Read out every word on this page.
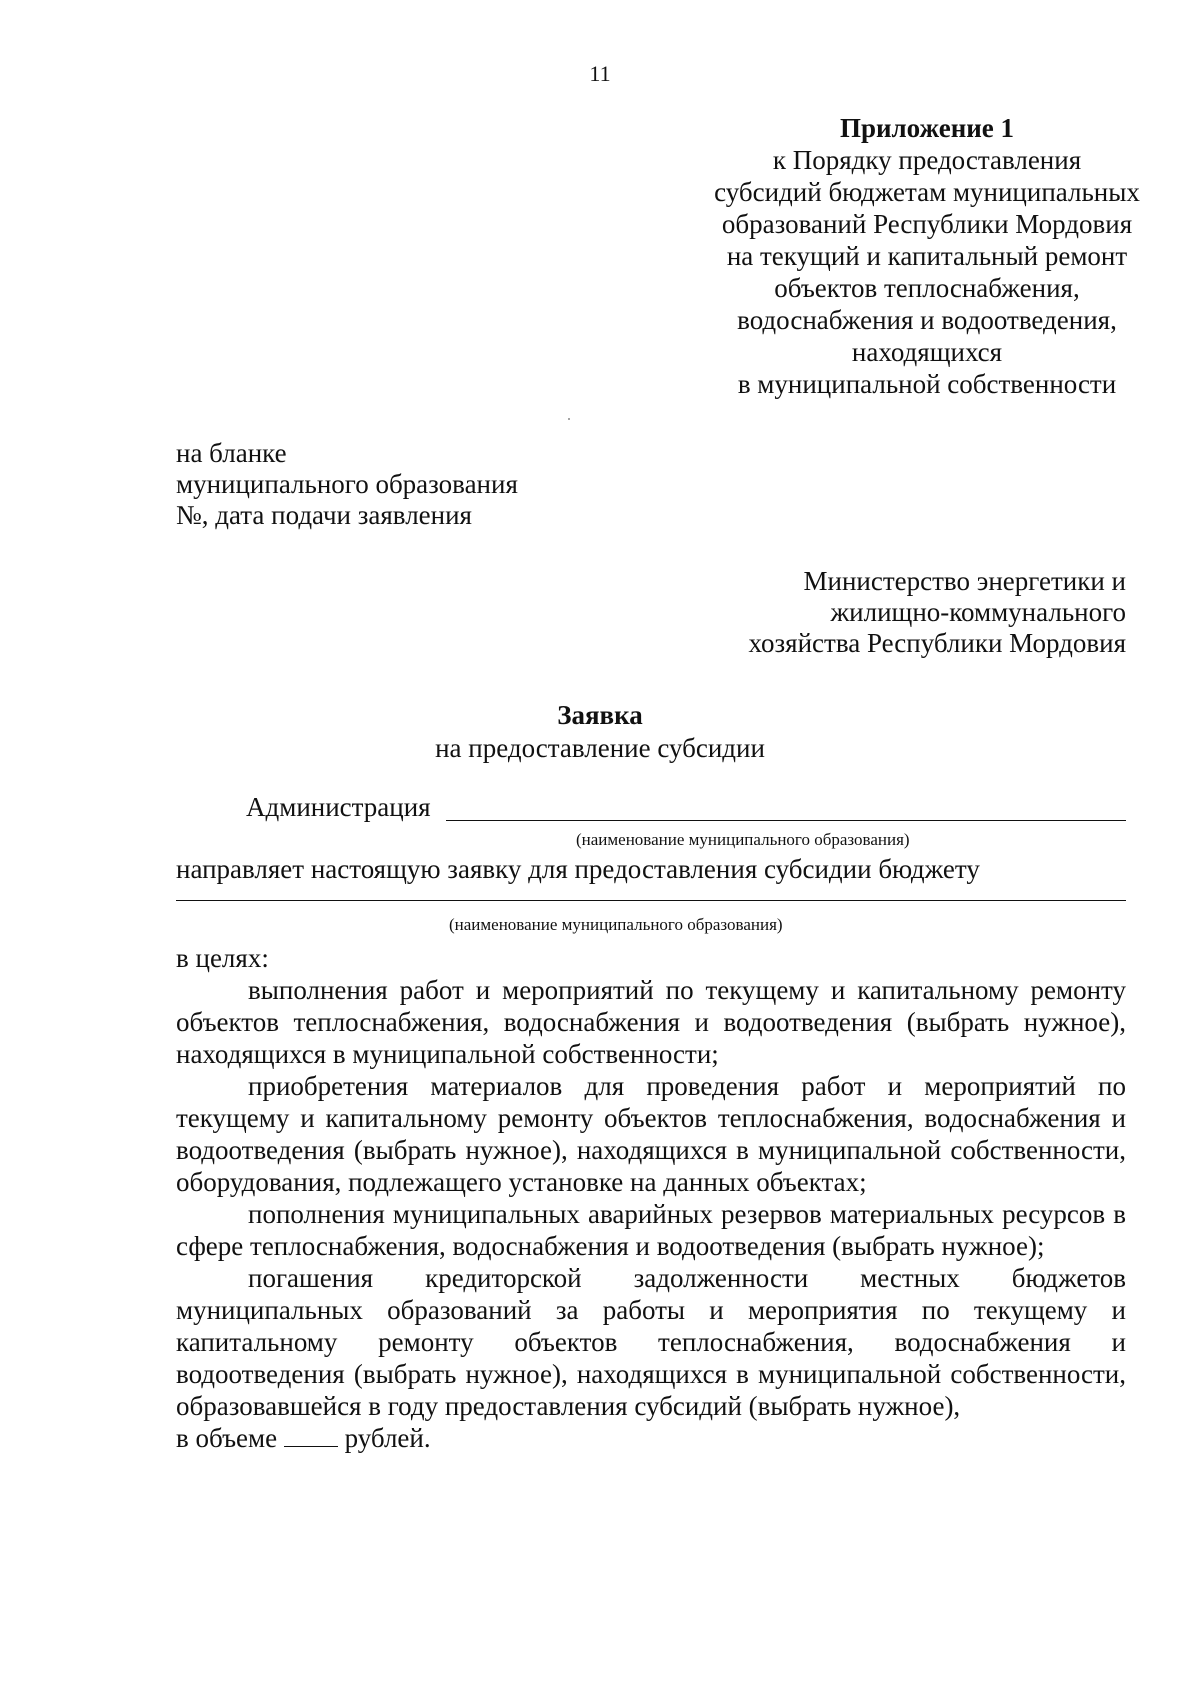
11
Приложение 1
к Порядку предоставления
субсидий бюджетам муниципальных
образований Республики Мордовия
на текущий и капитальный ремонт
объектов теплоснабжения,
водоснабжения и водоотведения,
находящихся
в муниципальной собственности
на бланке
муниципального образования
№, дата подачи заявления
Министерство энергетики и
жилищно-коммунального
хозяйства Республики Мордовия
Заявка
на предоставление субсидии
Администрация
(наименование муниципального образования)
направляет настоящую заявку для предоставления субсидии бюджету
(наименование муниципального образования)
в целях:

выполнения работ и мероприятий по текущему и капитальному ремонту объектов теплоснабжения, водоснабжения и водоотведения (выбрать нужное), находящихся в муниципальной собственности;

приобретения материалов для проведения работ и мероприятий по текущему и капитальному ремонту объектов теплоснабжения, водоснабжения и водоотведения (выбрать нужное), находящихся в муниципальной собственности, оборудования, подлежащего установке на данных объектах;

пополнения муниципальных аварийных резервов материальных ресурсов в сфере теплоснабжения, водоснабжения и водоотведения (выбрать нужное);

погашения кредиторской задолженности местных бюджетов муниципальных образований за работы и мероприятия по текущему и капитальному ремонту объектов теплоснабжения, водоснабжения и водоотведения (выбрать нужное), находящихся в муниципальной собственности, образовавшейся в году предоставления субсидий (выбрать нужное),

в объеме	рублей.
